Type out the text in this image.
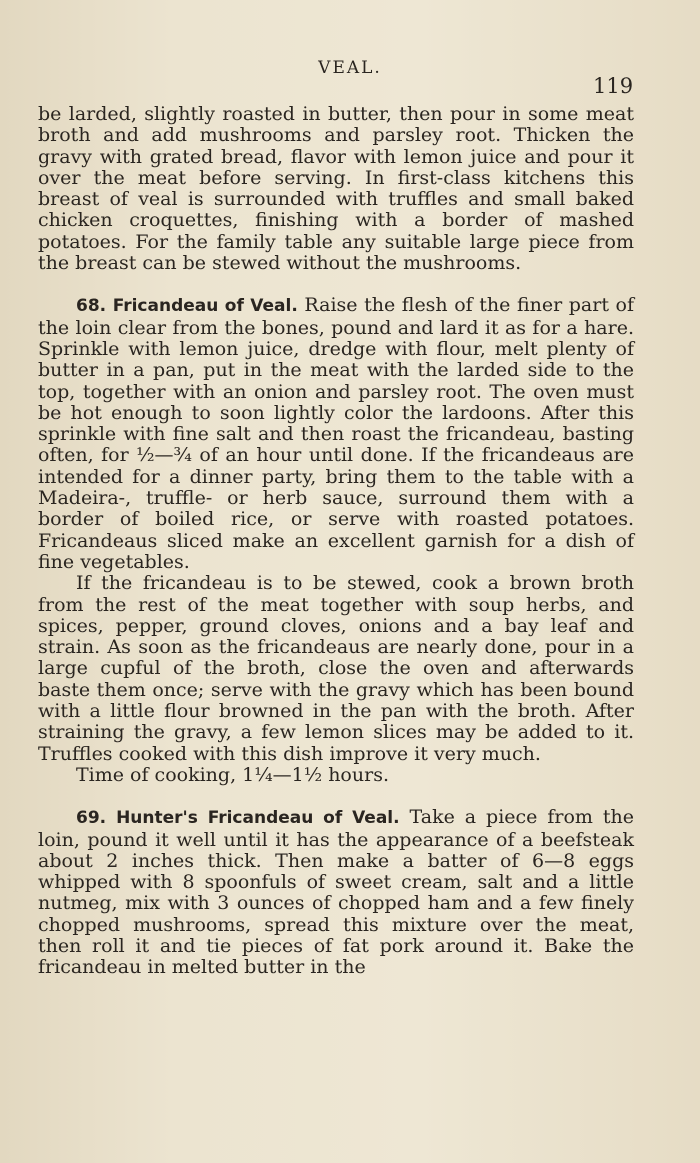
VEAL.
119

be larded, slightly roasted in butter, then pour in some meat broth and add mushrooms and parsley root. Thicken the gravy with grated bread, flavor with lemon juice and pour it over the meat before serving. In first-class kitchens this breast of veal is surrounded with truffles and small baked chicken croquettes, finishing with a border of mashed potatoes. For the family table any suitable large piece from the breast can be stewed without the mushrooms.

68. Fricandeau of Veal. Raise the flesh of the finer part of the loin clear from the bones, pound and lard it as for a hare. Sprinkle with lemon juice, dredge with flour, melt plenty of butter in a pan, put in the meat with the larded side to the top, together with an onion and parsley root. The oven must be hot enough to soon lightly color the lardoons. After this sprinkle with fine salt and then roast the fricandeau, basting often, for ½—¾ of an hour until done. If the fricandeaus are intended for a dinner party, bring them to the table with a Madeira-, truffle- or herb sauce, surround them with a border of boiled rice, or serve with roasted potatoes. Fricandeaus sliced make an excellent garnish for a dish of fine vegetables.

If the fricandeau is to be stewed, cook a brown broth from the rest of the meat together with soup herbs, and spices, pepper, ground cloves, onions and a bay leaf and strain. As soon as the fricandeaus are nearly done, pour in a large cupful of the broth, close the oven and afterwards baste them once; serve with the gravy which has been bound with a little flour browned in the pan with the broth. After straining the gravy, a few lemon slices may be added to it. Truffles cooked with this dish improve it very much.

Time of cooking, 1¼—1½ hours.

69. Hunter's Fricandeau of Veal. Take a piece from the loin, pound it well until it has the appearance of a beefsteak about 2 inches thick. Then make a batter of 6—8 eggs whipped with 8 spoonfuls of sweet cream, salt and a little nutmeg, mix with 3 ounces of chopped ham and a few finely chopped mushrooms, spread this mixture over the meat, then roll it and tie pieces of fat pork around it. Bake the fricandeau in melted butter in the
